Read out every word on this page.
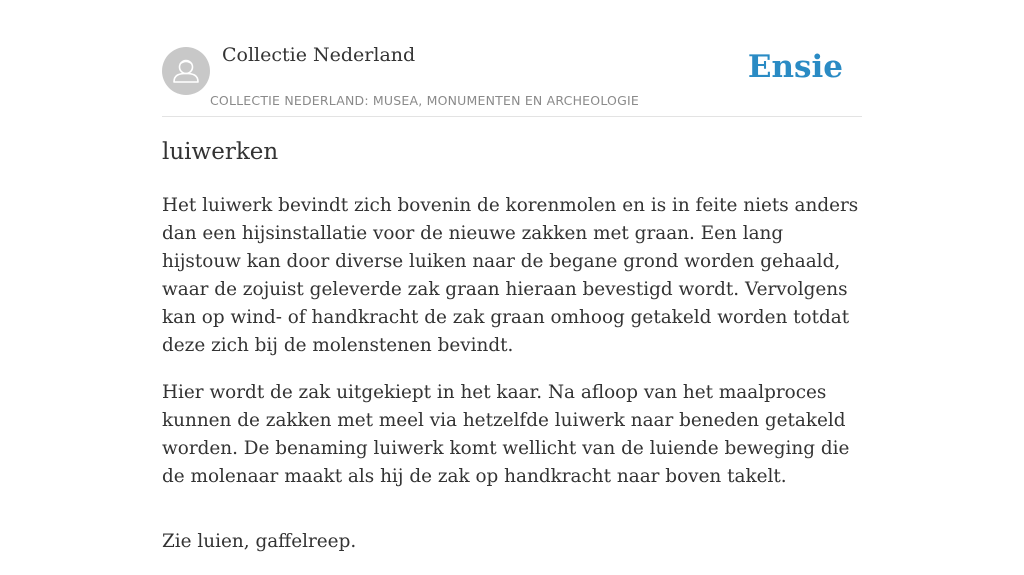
Collectie Nederland
COLLECTIE NEDERLAND: MUSEA, MONUMENTEN EN ARCHEOLOGIE
Ensie
luiwerken

Het luiwerk bevindt zich bovenin de korenmolen en is in feite niets anders dan een hijsinstallatie voor de nieuwe zakken met graan. Een lang hijstouw kan door diverse luiken naar de begane grond worden gehaald, waar de zojuist geleverde zak graan hieraan bevestigd wordt. Vervolgens kan op wind- of handkracht de zak graan omhoog getakeld worden totdat deze zich bij de molenstenen bevindt.

Hier wordt de zak uitgekiept in het kaar. Na afloop van het maalproces kunnen de zakken met meel via hetzelfde luiwerk naar beneden getakeld worden. De benaming luiwerk komt wellicht van de luiende beweging die de molenaar maakt als hij de zak op handkracht naar boven takelt.

Zie luien, gaffelreep.
